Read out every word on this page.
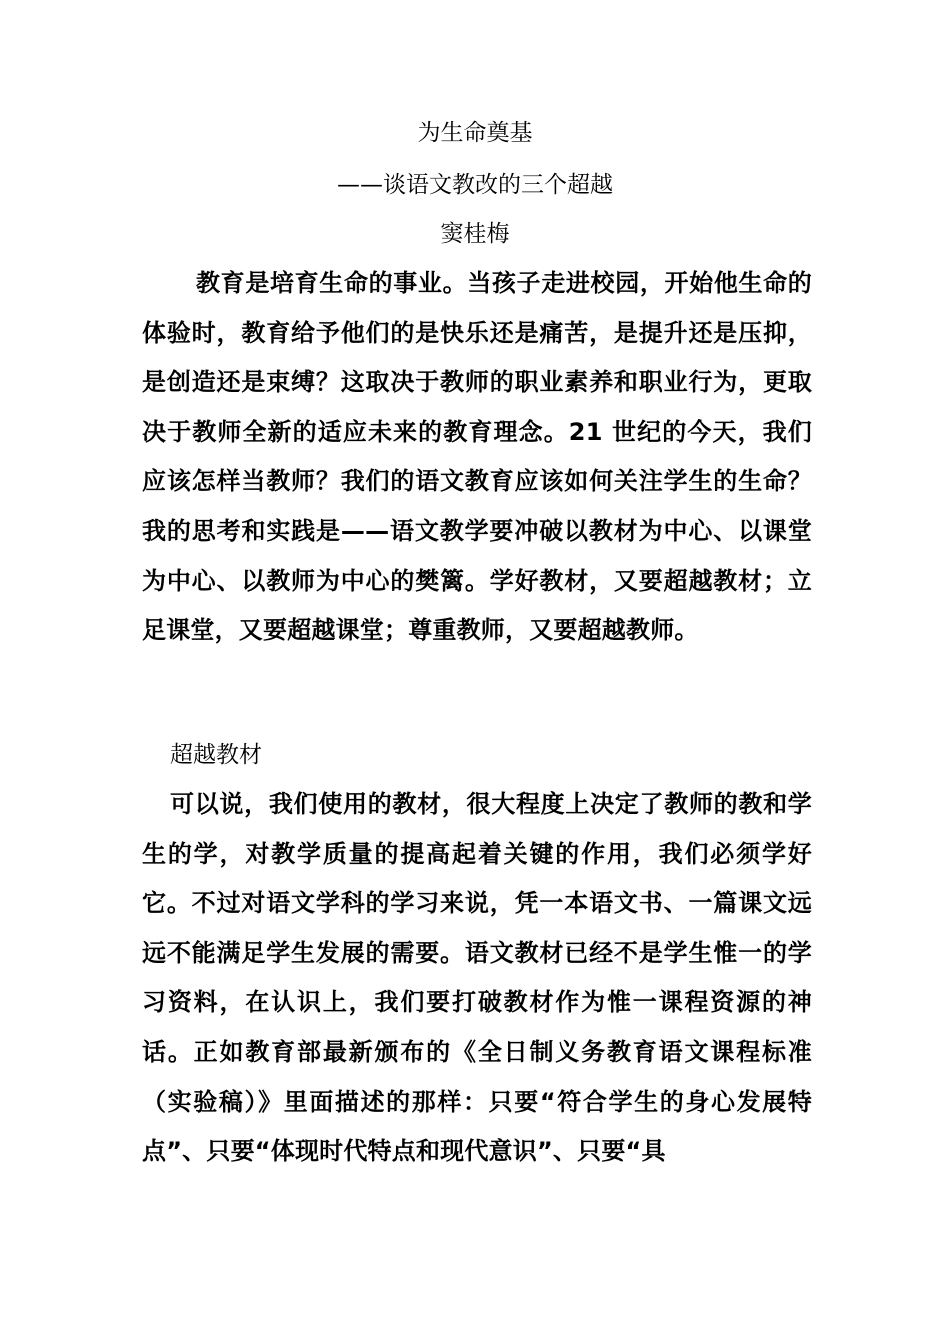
为生命奠基
——谈语文教改的三个超越
窦桂梅

教育是培育生命的事业。当孩子走进校园，开始他生命的体验时，教育给予他们的是快乐还是痛苦，是提升还是压抑，是创造还是束缚？这取决于教师的职业素养和职业行为，更取决于教师全新的适应未来的教育理念。21 世纪的今天，我们应该怎样当教师？我们的语文教育应该如何关注学生的生命？我的思考和实践是——语文教学要冲破以教材为中心、以课堂为中心、以教师为中心的樊篱。学好教材，又要超越教材；立足课堂，又要超越课堂；尊重教师，又要超越教师。

超越教材

可以说，我们使用的教材，很大程度上决定了教师的教和学生的学，对教学质量的提高起着关键的作用，我们必须学好它。不过对语文学科的学习来说，凭一本语文书、一篇课文远远不能满足学生发展的需要。语文教材已经不是学生惟一的学习资料，在认识上，我们要打破教材作为惟一课程资源的神话。正如教育部最新颁布的《全日制义务教育语文课程标准（实验稿）》里面描述的那样：只要“符合学生的身心发展特点”、只要“体现时代特点和现代意识”、只要“具
